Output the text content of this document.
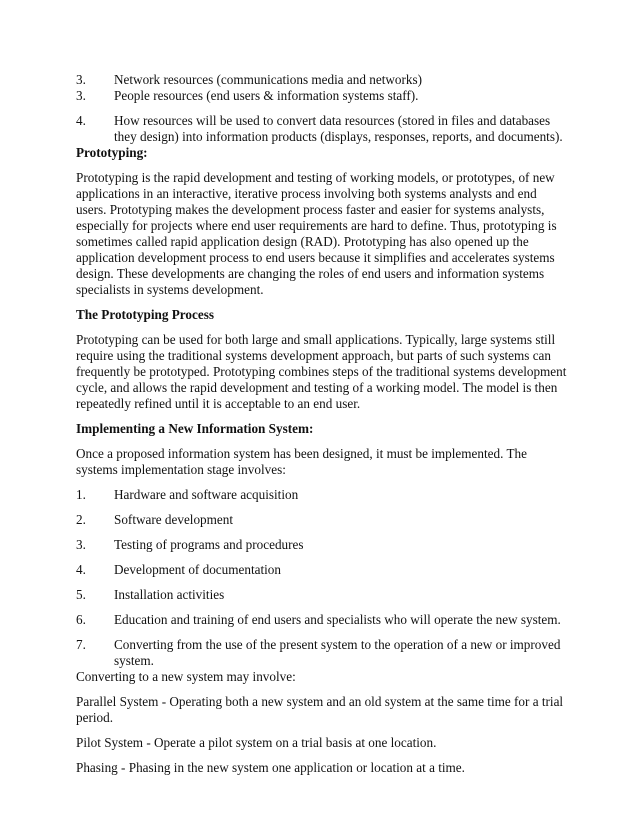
3.	Network resources (communications media and networks)
3.	People resources (end users & information systems staff).
4.	How resources will be used to convert data resources (stored in files and databases they design) into information products (displays, responses, reports, and documents).

Prototyping:

Prototyping is the rapid development and testing of working models, or prototypes, of new applications in an interactive, iterative process involving both systems analysts and end users. Prototyping makes the development process faster and easier for systems analysts, especially for projects where end user requirements are hard to define. Thus, prototyping is sometimes called rapid application design (RAD). Prototyping has also opened up the application development process to end users because it simplifies and accelerates systems design. These developments are changing the roles of end users and information systems specialists in systems development.

The Prototyping Process

Prototyping can be used for both large and small applications. Typically, large systems still require using the traditional systems development approach, but parts of such systems can frequently be prototyped. Prototyping combines steps of the traditional systems development cycle, and allows the rapid development and testing of a working model. The model is then repeatedly refined until it is acceptable to an end user.

Implementing a New Information System:

Once a proposed information system has been designed, it must be implemented. The systems implementation stage involves:

1.	Hardware and software acquisition
2.	Software development
3.	Testing of programs and procedures
4.	Development of documentation
5.	Installation activities
6.	Education and training of end users and specialists who will operate the new system.
7.	Converting from the use of the present system to the operation of a new or improved system.

Converting to a new system may involve:

Parallel System - Operating both a new system and an old system at the same time for a trial period.

Pilot System - Operate a pilot system on a trial basis at one location.

Phasing - Phasing in the new system one application or location at a time.
